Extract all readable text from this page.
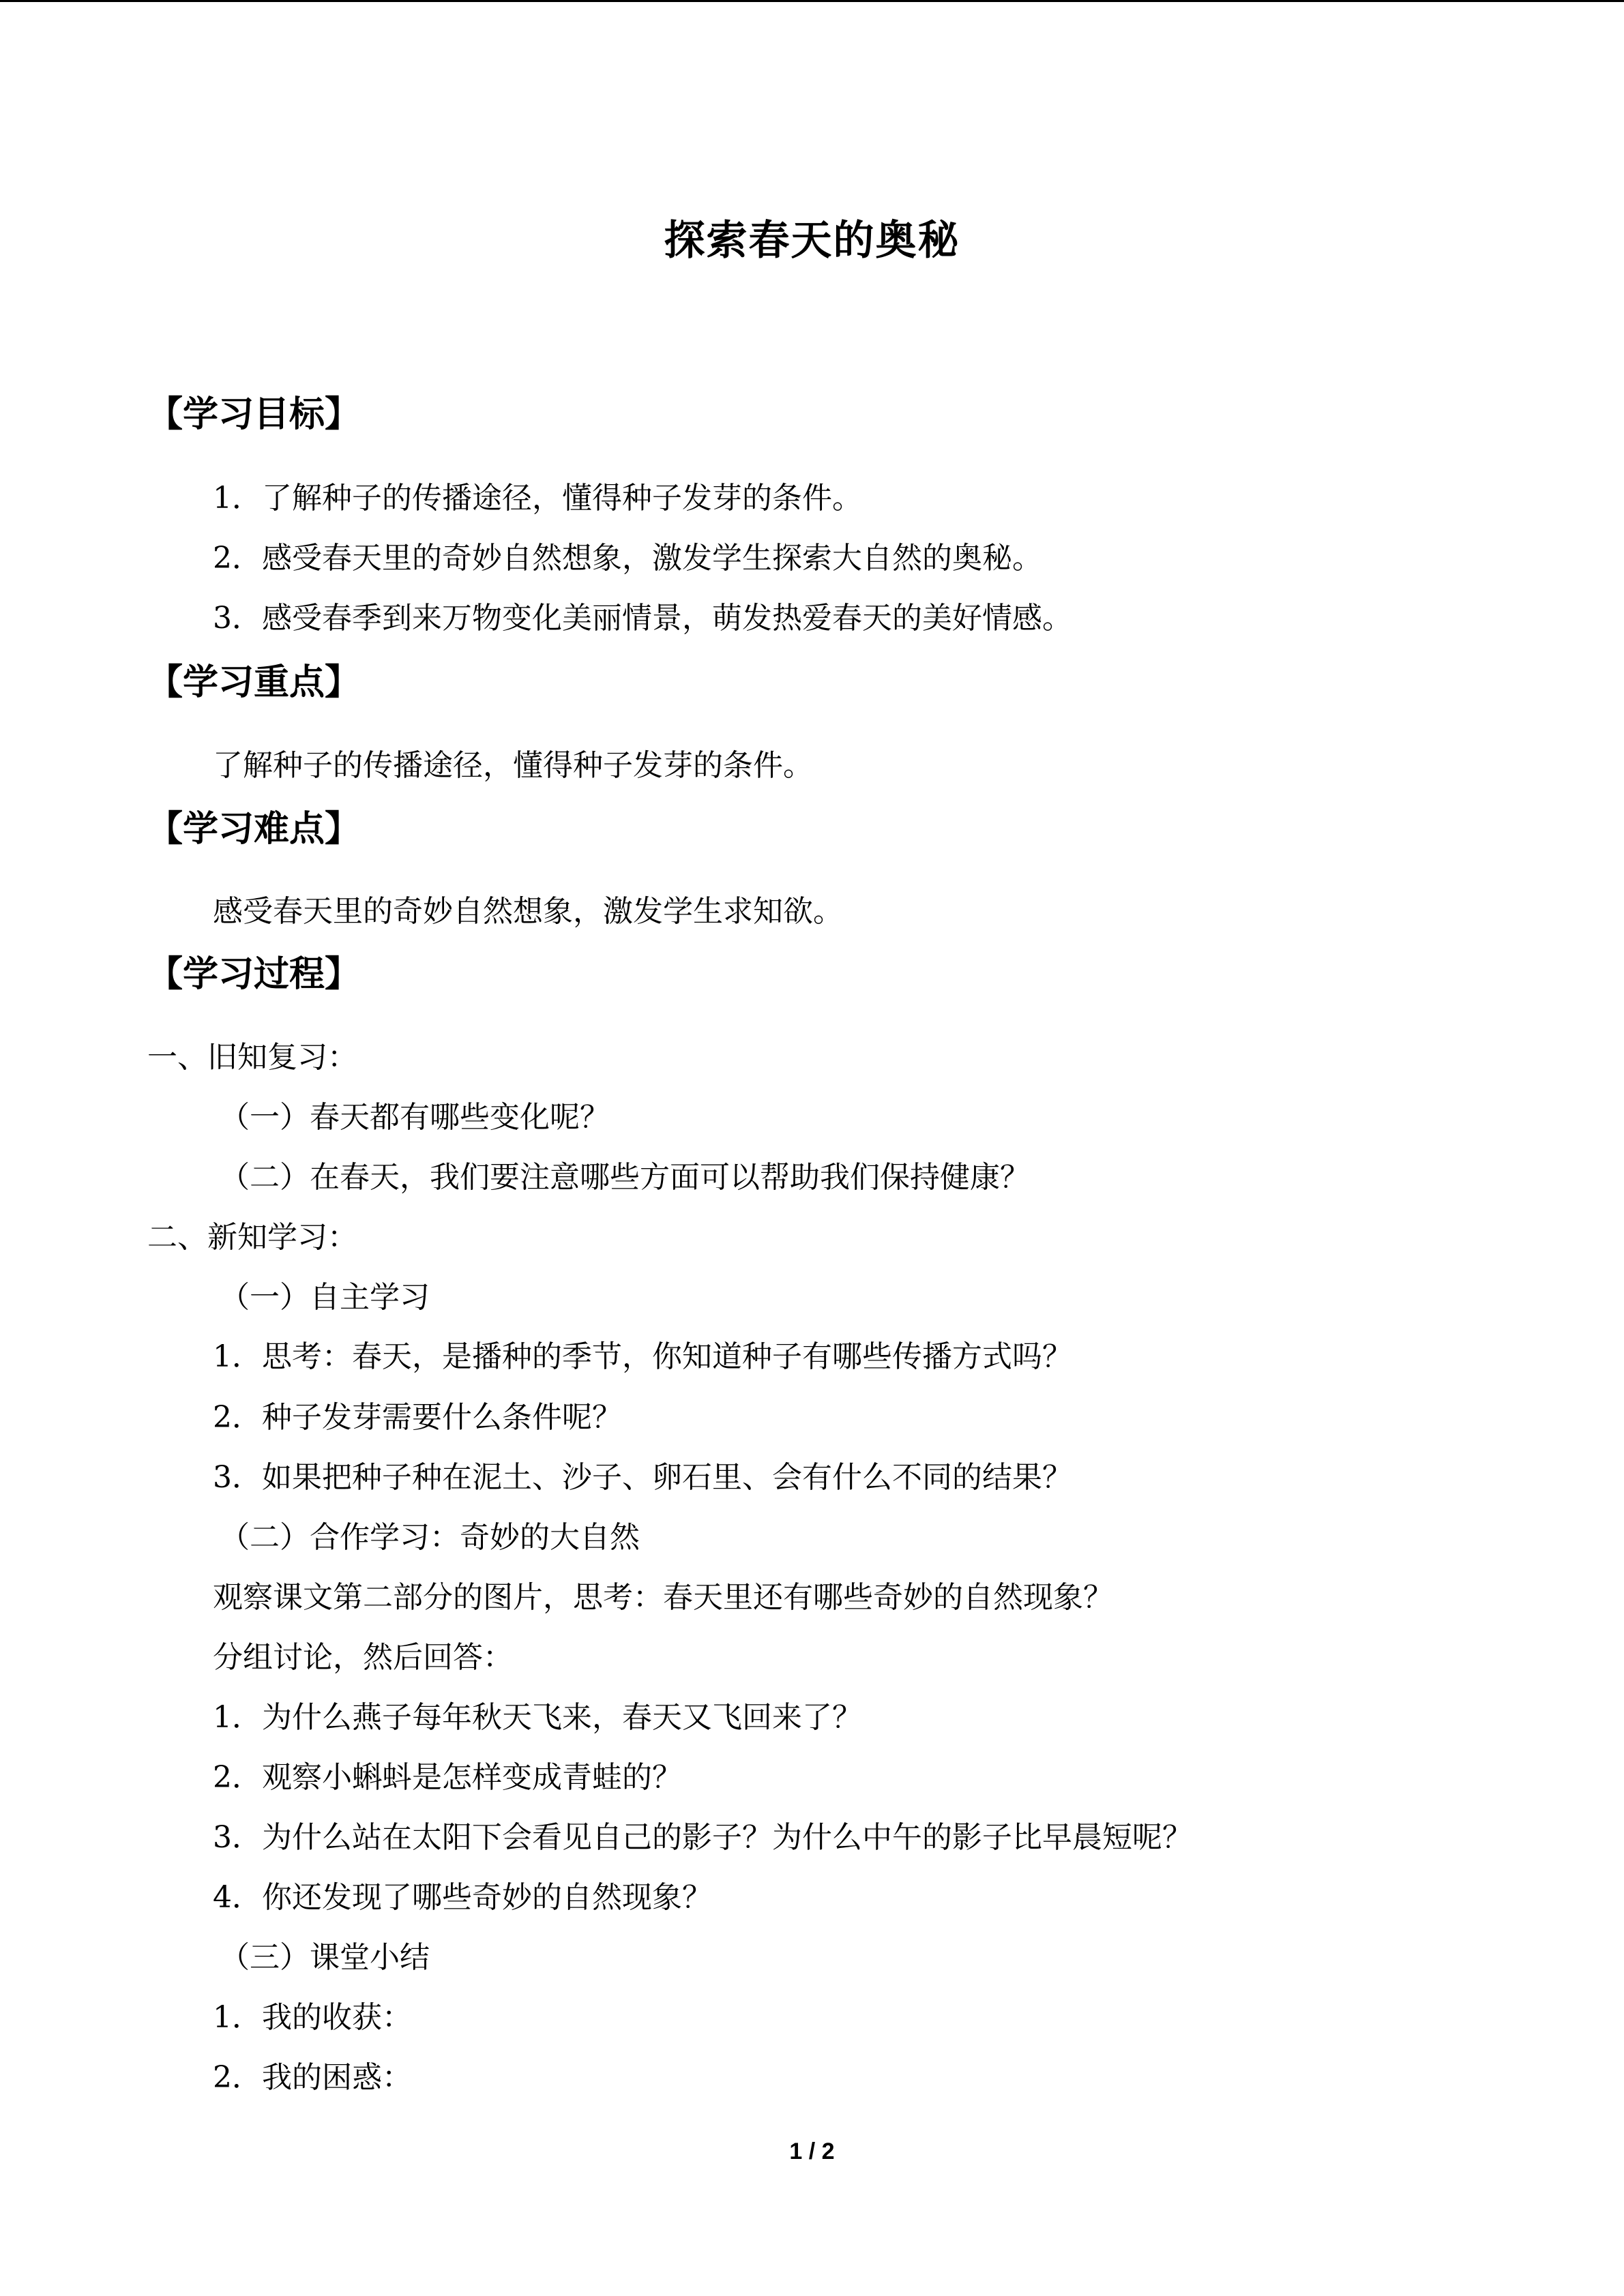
探索春天的奥秘
【学习目标】
1．了解种子的传播途径，懂得种子发芽的条件。
2．感受春天里的奇妙自然想象，激发学生探索大自然的奥秘。
3．感受春季到来万物变化美丽情景，萌发热爱春天的美好情感。
【学习重点】
了解种子的传播途径，懂得种子发芽的条件。
【学习难点】
感受春天里的奇妙自然想象，激发学生求知欲。
【学习过程】
一、旧知复习：
（一）春天都有哪些变化呢？
（二）在春天，我们要注意哪些方面可以帮助我们保持健康？
二、新知学习：
（一）自主学习
1．思考：春天，是播种的季节，你知道种子有哪些传播方式吗？
2．种子发芽需要什么条件呢？
3．如果把种子种在泥土、沙子、卵石里、会有什么不同的结果？
（二）合作学习：奇妙的大自然
观察课文第二部分的图片，思考：春天里还有哪些奇妙的自然现象？
分组讨论，然后回答：
1．为什么燕子每年秋天飞来，春天又飞回来了？
2．观察小蝌蚪是怎样变成青蛙的？
3．为什么站在太阳下会看见自己的影子？为什么中午的影子比早晨短呢？
4．你还发现了哪些奇妙的自然现象？
（三）课堂小结
1．我的收获：
2．我的困惑：
1 / 2
